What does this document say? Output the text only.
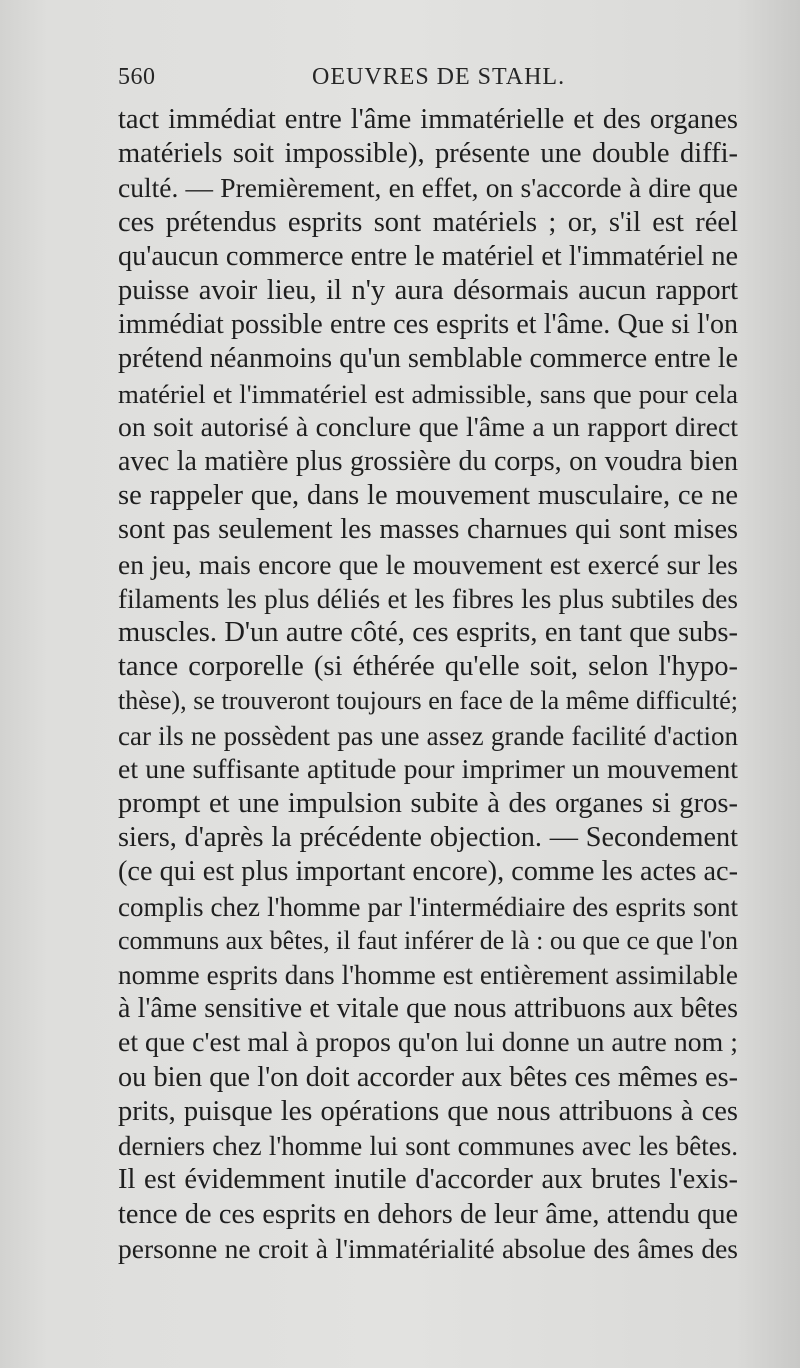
560	OEUVRES DE STAHL.
tact immédiat entre l'âme immatérielle et des organes
matériels soit impossible), présente une double diffi-
culté. — Premièrement, en effet, on s'accorde à dire que
ces prétendus esprits sont matériels ; or, s'il est réel
qu'aucun commerce entre le matériel et l'immatériel ne
puisse avoir lieu, il n'y aura désormais aucun rapport
immédiat possible entre ces esprits et l'âme. Que si l'on
prétend néanmoins qu'un semblable commerce entre le
matériel et l'immatériel est admissible, sans que pour cela
on soit autorisé à conclure que l'âme a un rapport direct
avec la matière plus grossière du corps, on voudra bien
se rappeler que, dans le mouvement musculaire, ce ne
sont pas seulement les masses charnues qui sont mises
en jeu, mais encore que le mouvement est exercé sur les
filaments les plus déliés et les fibres les plus subtiles des
muscles. D'un autre côté, ces esprits, en tant que subs-
tance corporelle (si éthérée qu'elle soit, selon l'hypo-
thèse), se trouveront toujours en face de la même difficulté;
car ils ne possèdent pas une assez grande facilité d'action
et une suffisante aptitude pour imprimer un mouvement
prompt et une impulsion subite à des organes si gros-
siers, d'après la précédente objection. — Secondement
(ce qui est plus important encore), comme les actes ac-
complis chez l'homme par l'intermédiaire des esprits sont
communs aux bêtes, il faut inférer de là : ou que ce que l'on
nomme esprits dans l'homme est entièrement assimilable
à l'âme sensitive et vitale que nous attribuons aux bêtes
et que c'est mal à propos qu'on lui donne un autre nom ;
ou bien que l'on doit accorder aux bêtes ces mêmes es-
prits, puisque les opérations que nous attribuons à ces
derniers chez l'homme lui sont communes avec les bêtes.
Il est évidemment inutile d'accorder aux brutes l'exis-
tence de ces esprits en dehors de leur âme, attendu que
personne ne croit à l'immatérialité absolue des âmes des
